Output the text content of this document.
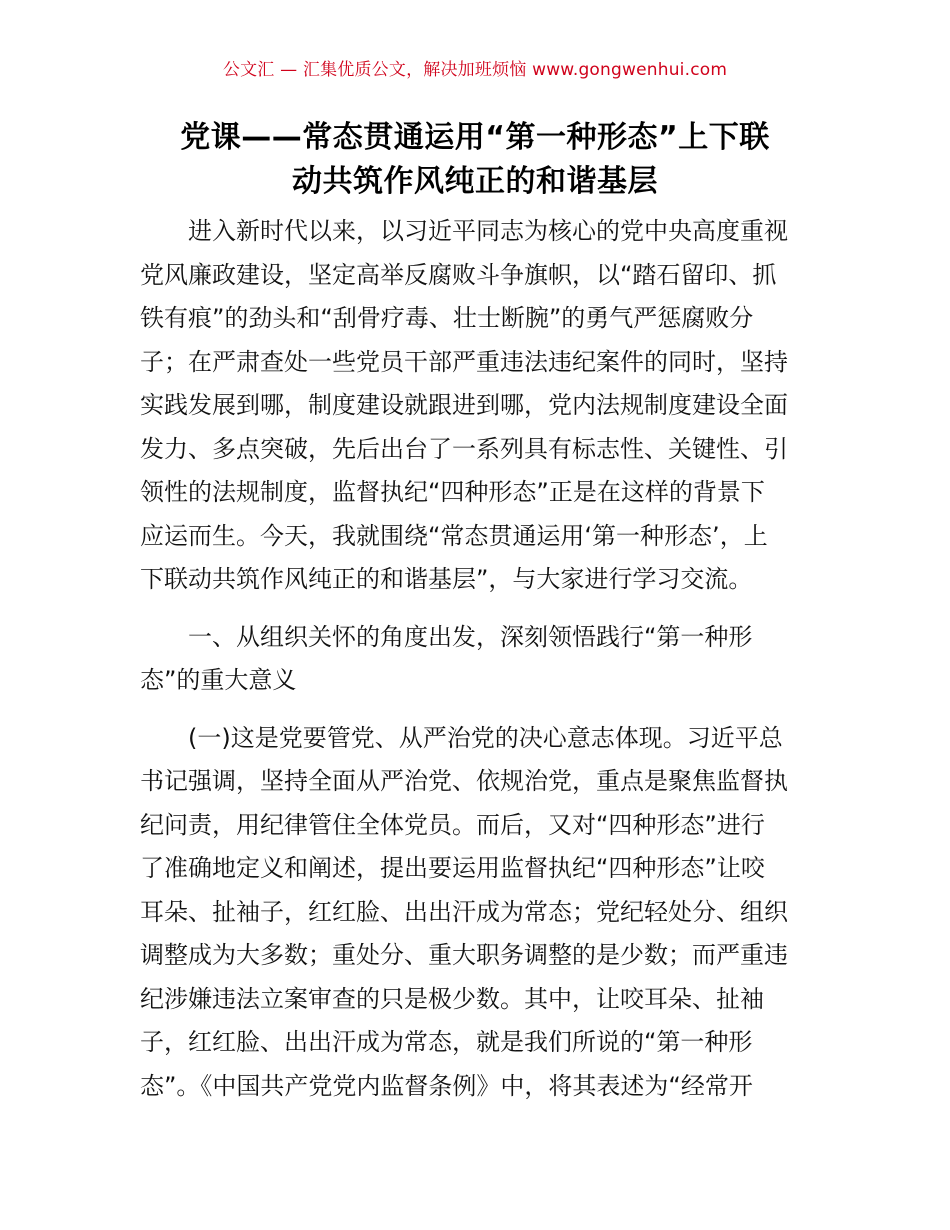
公文汇 — 汇集优质公文，解决加班烦恼 www.gongwenhui.com
党课——常态贯通运用“第一种形态”上下联
动共筑作风纯正的和谐基层
进入新时代以来，以习近平同志为核心的党中央高度重视
党风廉政建设，坚定高举反腐败斗争旗帜，以“踏石留印、抓
铁有痕”的劲头和“刮骨疗毒、壮士断腕”的勇气严惩腐败分
子；在严肃查处一些党员干部严重违法违纪案件的同时，坚持
实践发展到哪，制度建设就跟进到哪，党内法规制度建设全面
发力、多点突破，先后出台了一系列具有标志性、关键性、引
领性的法规制度，监督执纪“四种形态”正是在这样的背景下
应运而生。今天，我就围绕“常态贯通运用‘第一种形态’，上
下联动共筑作风纯正的和谐基层”，与大家进行学习交流。
一、从组织关怀的角度出发，深刻领悟践行“第一种形
态”的重大意义
(一)这是党要管党、从严治党的决心意志体现。习近平总
书记强调，坚持全面从严治党、依规治党，重点是聚焦监督执
纪问责，用纪律管住全体党员。而后，又对“四种形态”进行
了准确地定义和阐述，提出要运用监督执纪“四种形态”让咬
耳朵、扯袖子，红红脸、出出汗成为常态；党纪轻处分、组织
调整成为大多数；重处分、重大职务调整的是少数；而严重违
纪涉嫌违法立案审查的只是极少数。其中，让咬耳朵、扯袖
子，红红脸、出出汗成为常态，就是我们所说的“第一种形
态”。《中国共产党党内监督条例》中，将其表述为“经常开
